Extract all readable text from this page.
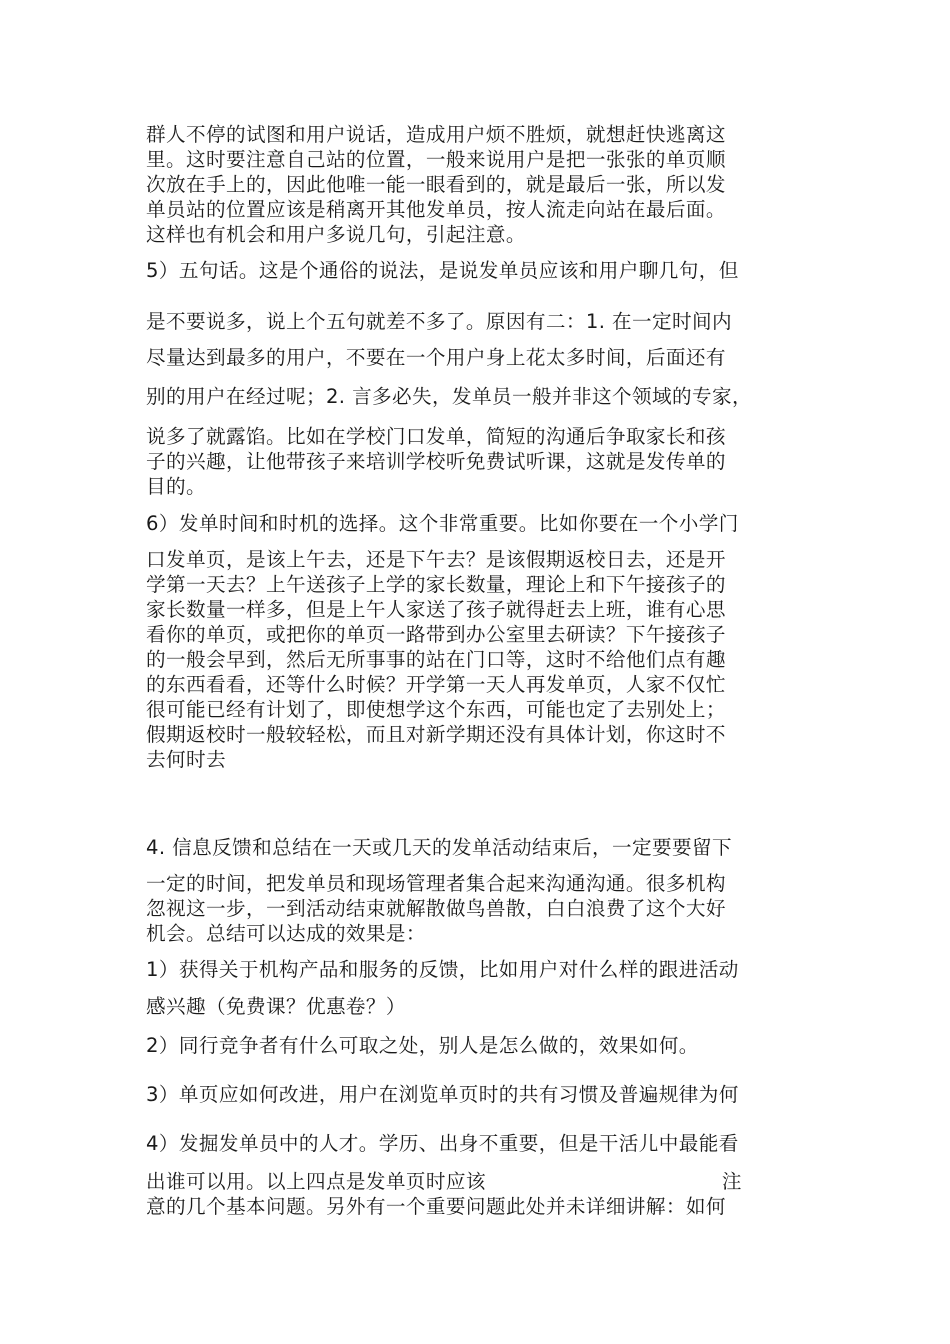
群人不停的试图和用户说话，造成用户烦不胜烦，就想赶快逃离这
里。这时要注意自己站的位置，一般来说用户是把一张张的单页顺
次放在手上的，因此他唯一能一眼看到的，就是最后一张，所以发
单员站的位置应该是稍离开其他发单员，按人流走向站在最后面。
这样也有机会和用户多说几句，引起注意。
5）五句话。这是个通俗的说法，是说发单员应该和用户聊几句，但
是不要说多，说上个五句就差不多了。原因有二：1. 在一定时间内
尽量达到最多的用户，不要在一个用户身上花太多时间，后面还有
别的用户在经过呢；2. 言多必失，发单员一般并非这个领域的专家，
说多了就露馅。比如在学校门口发单，简短的沟通后争取家长和孩
子的兴趣，让他带孩子来培训学校听免费试听课，这就是发传单的
目的。
6）发单时间和时机的选择。这个非常重要。比如你要在一个小学门
口发单页，是该上午去，还是下午去？是该假期返校日去，还是开
学第一天去？上午送孩子上学的家长数量，理论上和下午接孩子的
家长数量一样多，但是上午人家送了孩子就得赶去上班，谁有心思
看你的单页，或把你的单页一路带到办公室里去研读？下午接孩子
的一般会早到，然后无所事事的站在门口等，这时不给他们点有趣
的东西看看，还等什么时候？开学第一天人再发单页，人家不仅忙
很可能已经有计划了，即使想学这个东西，可能也定了去别处上；
假期返校时一般较轻松，而且对新学期还没有具体计划，你这时不
去何时去
4. 信息反馈和总结在一天或几天的发单活动结束后，一定要要留下
一定的时间，把发单员和现场管理者集合起来沟通沟通。很多机构
忽视这一步，一到活动结束就解散做鸟兽散，白白浪费了这个大好
机会。总结可以达成的效果是：
1）获得关于机构产品和服务的反馈，比如用户对什么样的跟进活动
感兴趣（免费课？优惠卷？）
2）同行竞争者有什么可取之处，别人是怎么做的，效果如何。
3）单页应如何改进，用户在浏览单页时的共有习惯及普遍规律为何
4）发掘发单员中的人才。学历、出身不重要，但是干活儿中最能看
出谁可以用。以上四点是发单页时应该	注
意的几个基本问题。另外有一个重要问题此处并未详细讲解：如何
